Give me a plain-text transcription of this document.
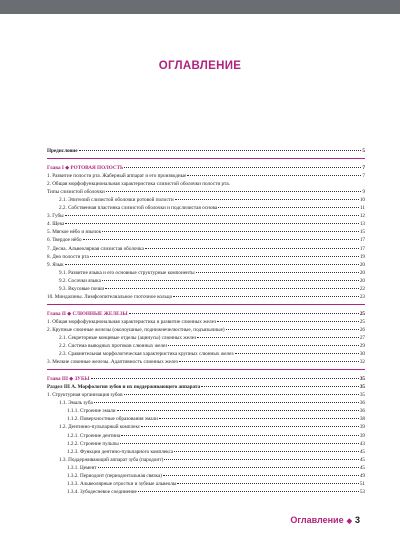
ОГЛАВЛЕНИЕ
Предисловие	5
Глава I ◆ РОТОВАЯ ПОЛОСТЬ	7
1. Развитие полости рта. Жаберный аппарат и его производные	7
2. Общая морфофункциональная характеристика слизистой оболочки полости рта.
Типы слизистой оболочки	9
2.1. Эпителий слизистой оболочки ротовой полости	10
2.2. Собственная пластинка слизистой оболочки и подслизистая основа	11
3. Губы	12
4. Щека	13
5. Мягкое нёбо и язычок	15
6. Твердое нёбо	17
7. Десна. Альвеолярная слизистая оболочка	17
8. Дно полости рта	19
9. Язык	20
9.1. Развитие языка и его основные структурные компоненты	20
9.2. Сосочки языка	20
9.3. Вкусовые почки	22
10. Миндалины. Лимфоэпителиальное глоточное кольцо	23
Глава II ◆ СЛЮННЫЕ ЖЕЛЕЗЫ	25
1. Общая морфофункциональная характеристика и развитие слюнных желез	25
2. Крупные слюнные железы (околоушные, поднижнечелюстные, подъязычные)	26
2.1. Секреторные концевые отделы (ацинусы) слюнных желез	27
2.2. Система выводных протоков слюнных желез	29
2.3. Сравнительная морфологическая характеристика крупных слюнных желез	30
3. Мелкие слюнные железы. Адаптивность слюнных желез	32
Глава III ◆ ЗУБЫ	35
Раздел III А. Морфология зубов и их поддерживающего аппарата	35
1. Структурная организация зубов	35
1.1. Эмаль зуба	36
1.1.1. Строение эмали	36
1.1.2. Поверхностные образования эмали	38
1.2. Дентинно-пульпарный комплекс	39
1.2.1. Строение дентина	39
1.2.2. Строение пульпы	43
1.2.3. Функции дентино-пульпарного комплекса	45
1.3. Поддерживающий аппарат зуба (пародонт)	45
1.3.1. Цемент	45
1.3.2. Периодонт (периодонтальная связка)	49
1.3.3. Альвеолярные отростки и зубные альвеолы	51
1.3.4. Зубодесневое соединение	53
Оглавление ◆ 3
